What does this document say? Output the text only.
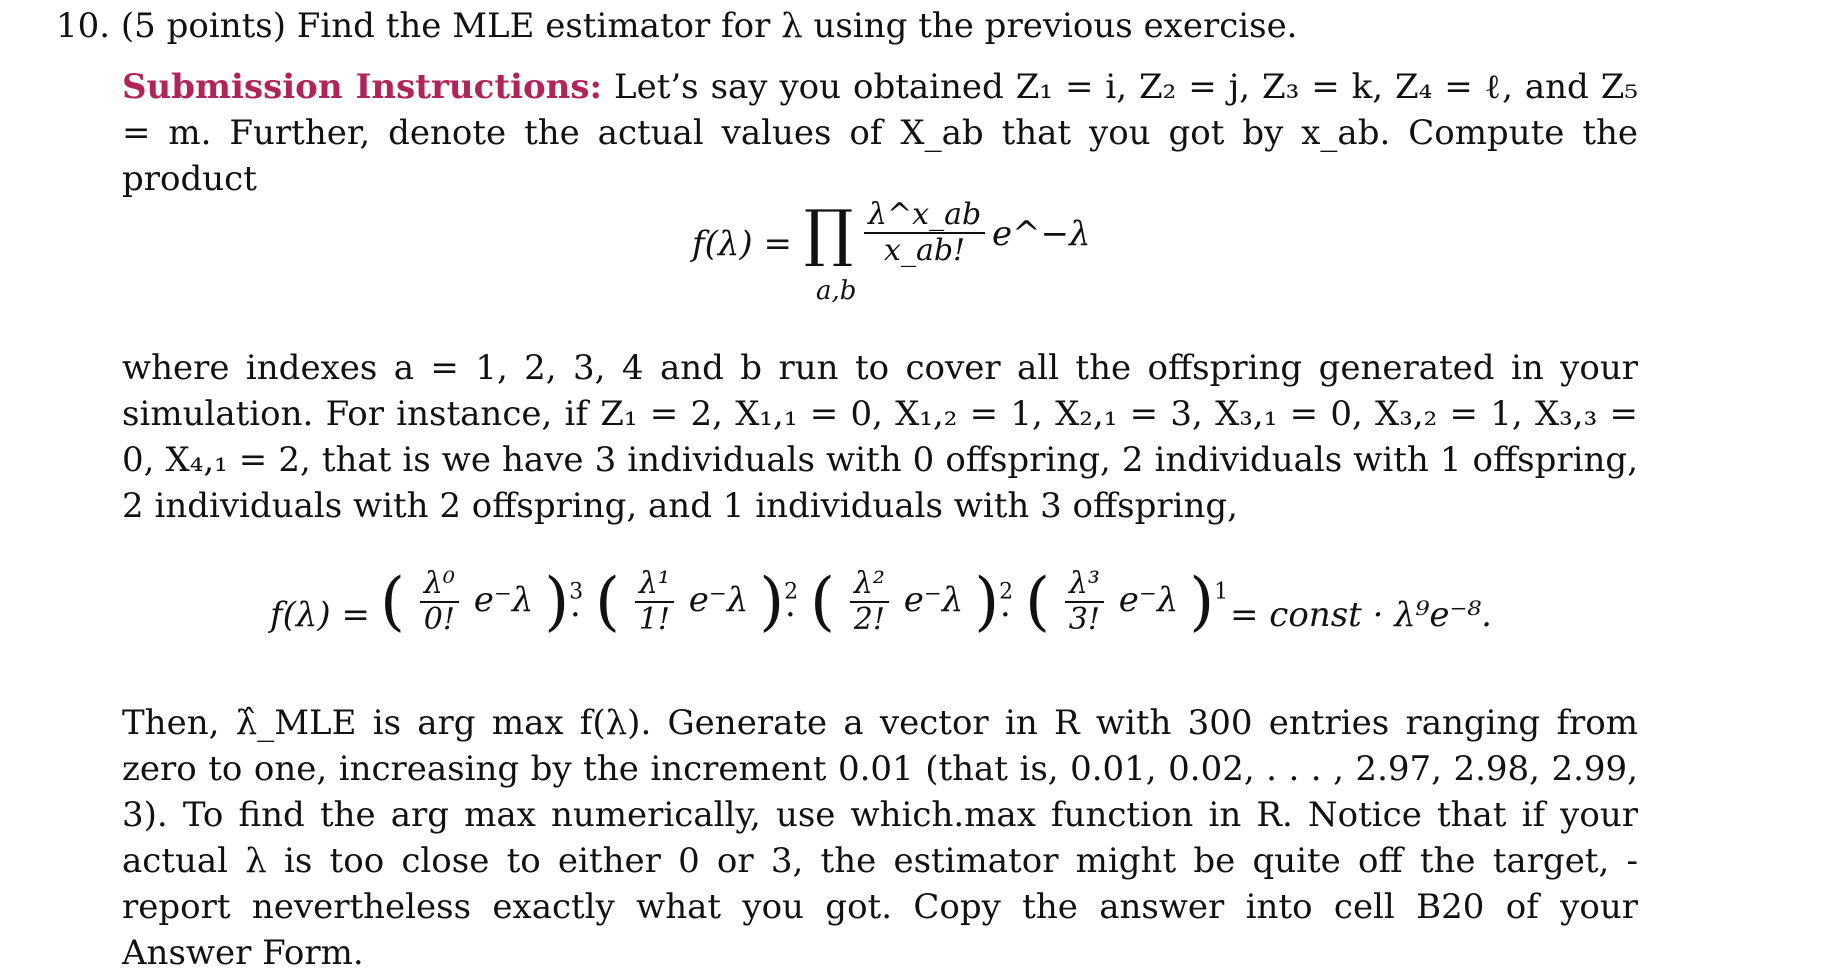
10. (5 points) Find the MLE estimator for λ using the previous exercise.
Submission Instructions: Let’s say you obtained Z₁ = i, Z₂ = j, Z₃ = k, Z₄ = ℓ, and Z₅ = m. Further, denote the actual values of X_ab that you got by x_ab. Compute the product
f(λ) = ∏
a,b
$\frac{\lambda\^{}x\_ab}{x\_ab!}$ e^−λ
where indexes a = 1, 2, 3, 4 and b run to cover all the offspring generated in your simulation. For instance, if Z₁ = 2, X₁,₁ = 0, X₁,₂ = 1, X₂,₁ = 3, X₃,₁ = 0, X₃,₂ = 1, X₃,₃ = 0, X₄,₁ = 2, that is we have 3 individuals with 0 offspring, 2 individuals with 1 offspring, 2 individuals with 2 offspring, and 1 individuals with 3 offspring,
f(λ) = ( $\frac{\text{λ⁰}}{0!} e^-\lambda$ )$^3$
· ( $\frac{\text{λ¹}}{1!} e^-\lambda$ )$^2$
· ( $\frac{\text{λ²}}{2!} e^-\lambda$ )$^2$
· ( $\frac{\text{λ³}}{3!} e^-\lambda$ )$^1$
= const · λ⁹e⁻⁸.
Then, λ̂_MLE is arg max f(λ). Generate a vector in R with 300 entries ranging from zero to one, increasing by the increment 0.01 (that is, 0.01, 0.02, . . . , 2.97, 2.98, 2.99, 3). To find the arg max numerically, use which.max function in R. Notice that if your actual λ is too close to either 0 or 3, the estimator might be quite off the target, - report nevertheless exactly what you got. Copy the answer into cell B20 of your Answer Form.
